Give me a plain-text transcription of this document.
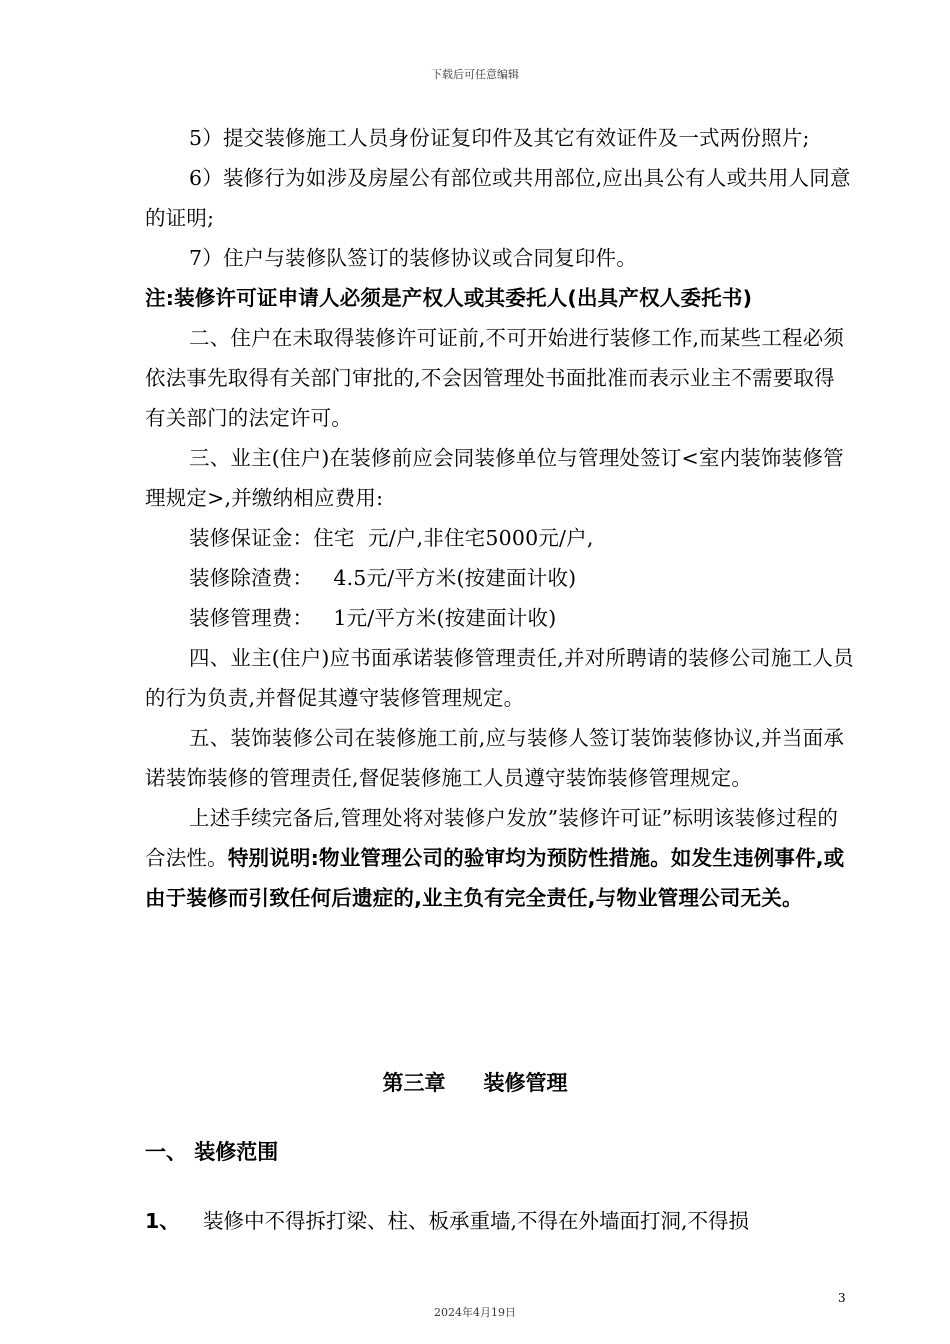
下载后可任意编辑

5）提交装修施工人员身份证复印件及其它有效证件及一式两份照片;

6）装修行为如涉及房屋公有部位或共用部位,应出具公有人或共用人同意的证明;

7）住户与装修队签订的装修协议或合同复印件。

注:装修许可证申请人必须是产权人或其委托人(出具产权人委托书)

二、住户在未取得装修许可证前,不可开始进行装修工作,而某些工程必须依法事先取得有关部门审批的,不会因管理处书面批准而表示业主不需要取得有关部门的法定许可。

三、业主(住户)在装修前应会同装修单位与管理处签订<室内装饰装修管理规定>,并缴纳相应费用:

装修保证金：住宅  元/户,非住宅5000元/户,

装修除渣费：   4.5元/平方米(按建面计收)

装修管理费：   1元/平方米(按建面计收)

四、业主(住户)应书面承诺装修管理责任,并对所聘请的装修公司施工人员的行为负责,并督促其遵守装修管理规定。

五、装饰装修公司在装修施工前,应与装修人签订装饰装修协议,并当面承诺装饰装修的管理责任,督促装修施工人员遵守装饰装修管理规定。

上述手续完备后,管理处将对装修户发放”装修许可证”标明该装修过程的合法性。特别说明:物业管理公司的验审均为预防性措施。如发生违例事件,或由于装修而引致任何后遗症的,业主负有完全责任,与物业管理公司无关。

第三章 装修管理
一、 装修范围
1、 装修中不得拆打梁、柱、板承重墙,不得在外墙面打洞,不得损
3
2024年4月19日
